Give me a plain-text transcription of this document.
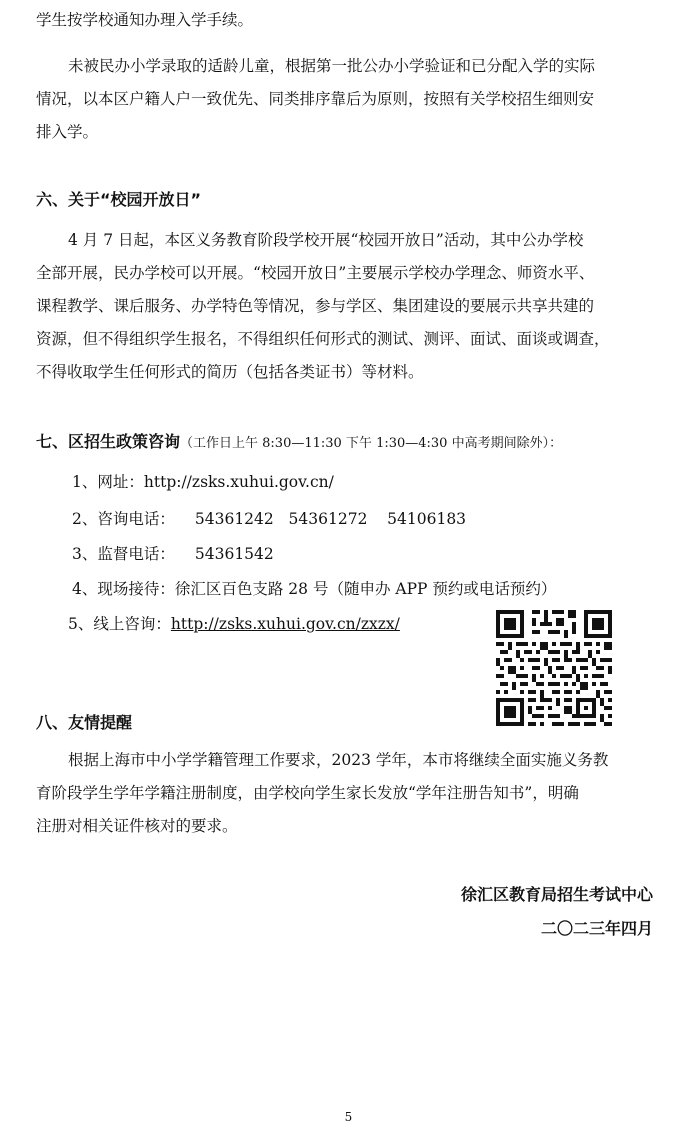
学生按学校通知办理入学手续。

未被民办小学录取的适龄儿童，根据第一批公办小学验证和已分配入学的实际
情况，以本区户籍人户一致优先、同类排序靠后为原则，按照有关学校招生细则安
排入学。

六、关于“校园开放日”

4 月 7 日起，本区义务教育阶段学校开展“校园开放日”活动，其中公办学校
全部开展，民办学校可以开展。“校园开放日”主要展示学校办学理念、师资水平、
课程教学、课后服务、办学特色等情况，参与学区、集团建设的要展示共享共建的
资源，但不得组织学生报名，不得组织任何形式的测试、测评、面试、面谈或调查，
不得收取学生任何形式的简历（包括各类证书）等材料。

七、区招生政策咨询（工作日上午 8:30—11:30 下午 1:30—4:30 中高考期间除外）：
1、网址：http://zsks.xuhui.gov.cn/
2、咨询电话： 54361242   54361272    54106183
3、监督电话： 54361542
4、现场接待：徐汇区百色支路 28 号（随申办 APP 预约或电话预约）
5、线上咨询：http://zsks.xuhui.gov.cn/zxzx/
八、友情提醒

根据上海市中小学学籍管理工作要求，2023 学年，本市将继续全面实施义务教
育阶段学生学年学籍注册制度，由学校向学生家长发放“学年注册告知书”，明确
注册对相关证件核对的要求。

徐汇区教育局招生考试中心
二〇二三年四月
5
